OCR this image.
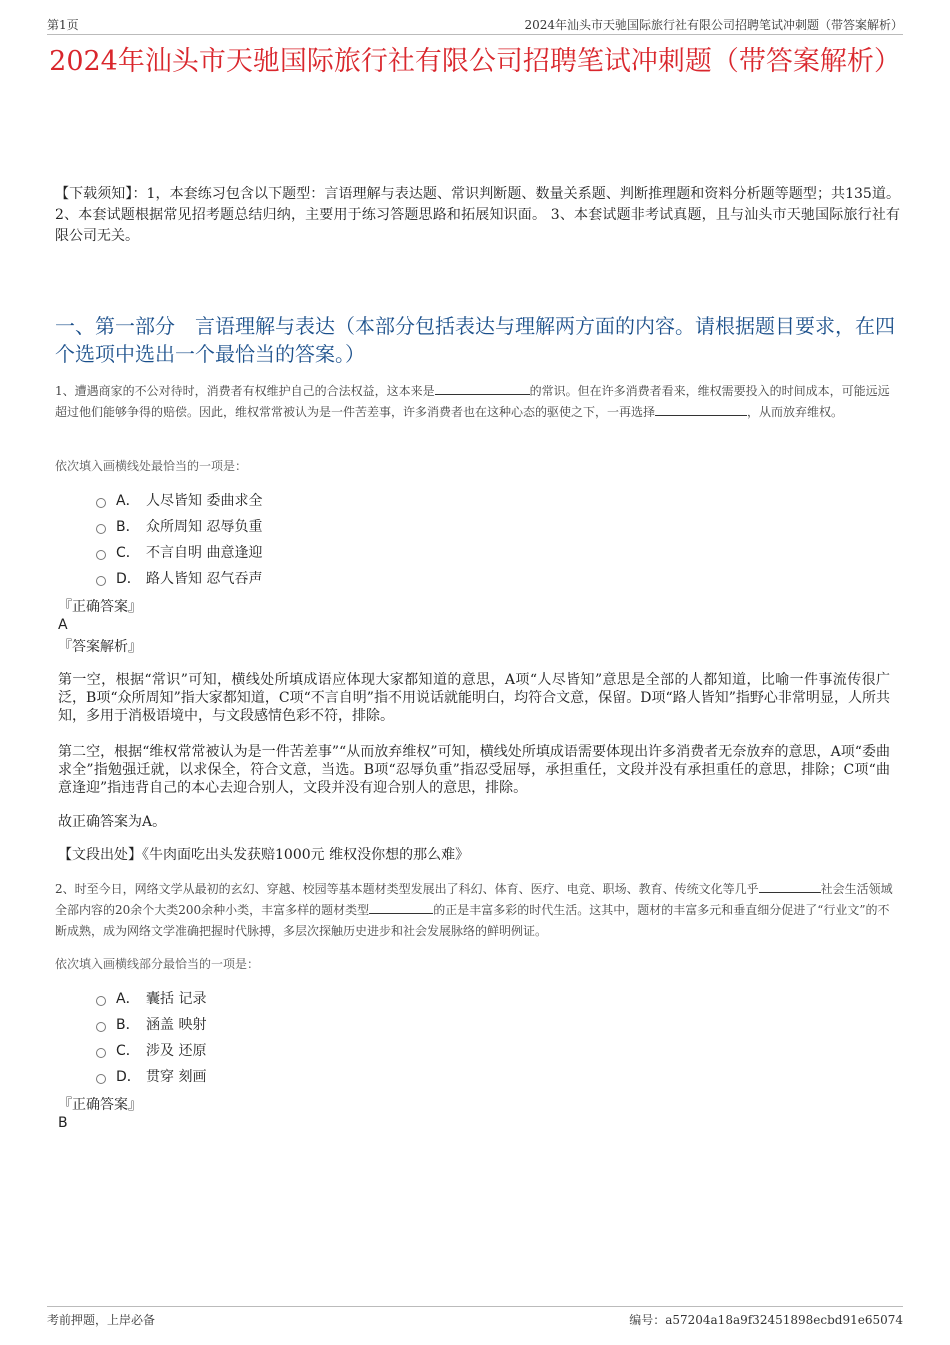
第1页	2024年汕头市天驰国际旅行社有限公司招聘笔试冲刺题（带答案解析）
2024年汕头市天驰国际旅行社有限公司招聘笔试冲刺题（带答案解析）
【下载须知】：1，本套练习包含以下题型：言语理解与表达题、常识判断题、数量关系题、判断推理题和资料分析题等题型；共135道。 2、本套试题根据常见招考题总结归纳，主要用于练习答题思路和拓展知识面。 3、本套试题非考试真题，且与汕头市天驰国际旅行社有限公司无关。
一、第一部分　言语理解与表达（本部分包括表达与理解两方面的内容。请根据题目要求，在四个选项中选出一个最恰当的答案。）
1、遭遇商家的不公对待时，消费者有权维护自己的合法权益，这本来是	的常识。但在许多消费者看来，维权需要投入的时间成本，可能远远超过他们能够争得的赔偿。因此，维权常常被认为是一件苦差事，许多消费者也在这种心态的驱使之下，一再选择	，从而放弃维权。
依次填入画横线处最恰当的一项是：
A． 人尽皆知 委曲求全
B． 众所周知 忍辱负重
C． 不言自明 曲意逢迎
D． 路人皆知 忍气吞声
『正确答案』
A
『答案解析』
第一空，根据“常识”可知，横线处所填成语应体现大家都知道的意思，A项“人尽皆知”意思是全部的人都知道，比喻一件事流传很广泛，B项“众所周知”指大家都知道，C项“不言自明”指不用说话就能明白，均符合文意，保留。D项“路人皆知”指野心非常明显，人所共知，多用于消极语境中，与文段感情色彩不符，排除。
第二空，根据“维权常常被认为是一件苦差事”“从而放弃维权”可知，横线处所填成语需要体现出许多消费者无奈放弃的意思，A项“委曲求全”指勉强迁就，以求保全，符合文意，当选。B项“忍辱负重”指忍受屈辱，承担重任，文段并没有承担重任的意思，排除；C项“曲意逢迎”指违背自己的本心去迎合别人，文段并没有迎合别人的意思，排除。
故正确答案为A。
【文段出处】《牛肉面吃出头发获赔1000元 维权没你想的那么难》
2、时至今日，网络文学从最初的玄幻、穿越、校园等基本题材类型发展出了科幻、体育、医疗、电竞、职场、教育、传统文化等几乎	社会生活领域全部内容的20余个大类200余种小类，丰富多样的题材类型	的正是丰富多彩的时代生活。这其中，题材的丰富多元和垂直细分促进了“行业文”的不断成熟，成为网络文学准确把握时代脉搏，多层次探触历史进步和社会发展脉络的鲜明例证。
依次填入画横线部分最恰当的一项是：
A． 囊括 记录
B． 涵盖 映射
C． 涉及 还原
D． 贯穿 刻画
『正确答案』
B
考前押题，上岸必备	编号：a57204a18a9f32451898ecbd91e65074
